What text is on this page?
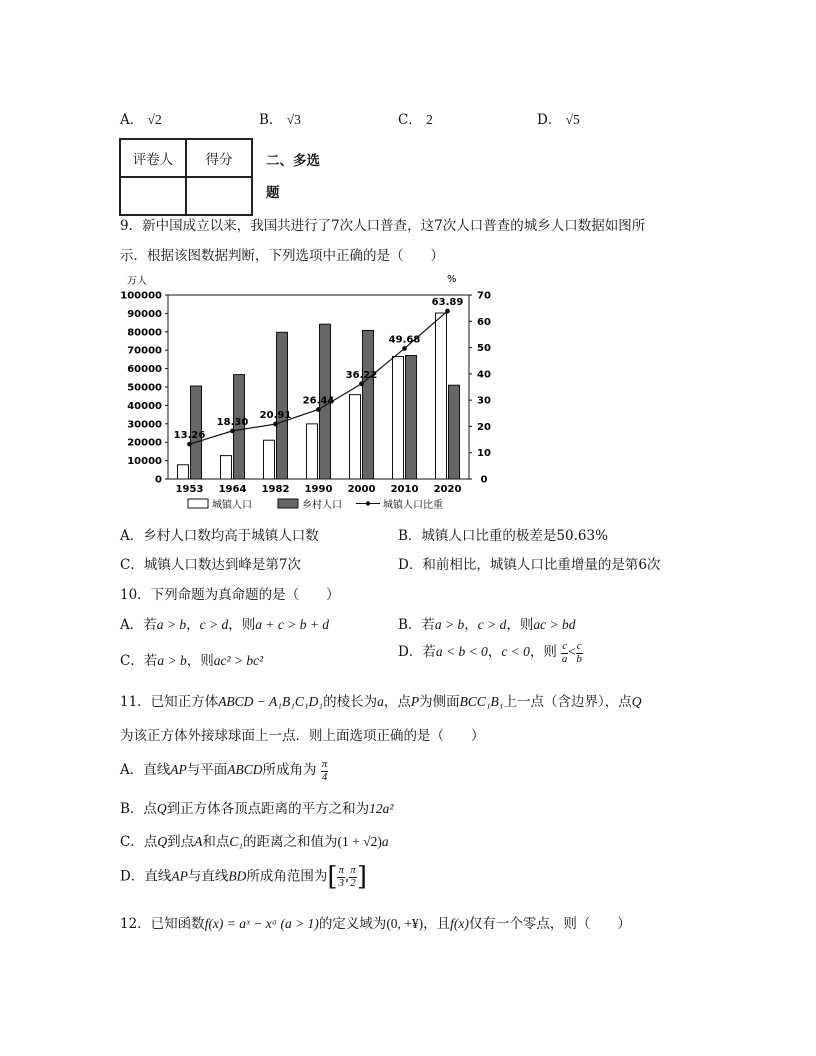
A． √2	B． √3	C． 2	D． √5
评卷人	得分
	二、多选
题
9．新中国成立以来，我国共进行了7次人口普查，这7次人口普查的城乡人口数据如图所
示．根据该图数据判断，下列选项中正确的是（　　）
万人	%
0
10000
20000
30000
40000
50000
60000
70000
80000
90000
100000
0
10
20
30
40
50
60
70
1953 1964 1982 1990 2000 2010 2020
13.26
18.30
20.91
26.44
36.22
49.68
63.89
城镇人口	乡村人口	城镇人口比重
A．乡村人口数均高于城镇人口数	B．城镇人口比重的极差是50.63%
C．城镇人口数达到峰是第7次	D．和前相比，城镇人口比重增量的是第6次
10．下列命题为真命题的是（　　）
A．若a > b，c > d，则a + c > b + d	B．若a > b，c > d，则ac > bd
C．若a > b，则ac² > bc²
D．若a < b < 0，c < 0，则 $\frac{c}{a} < \frac{c}{b}$
11．已知正方体ABCD − A₁B₁C₁D₁的棱长为a，点P为侧面BCC₁B₁上一点（含边界），点Q
为该正方体外接球球面上一点．则上面选项正确的是（　　）
A．直线AP与平面ABCD所成角为 $\frac{\pi}{4}$
B．点Q到正方体各顶点距离的平方之和为12a²
C．点Q到点A和点C₁的距离之和值为(1 + √2)a
D．直线AP与直线BD所成角范围为[ $\frac{\pi}{3}$ , $\frac{\pi}{2}$ ]
12．已知函数f(x) = aˣ − xᵃ (a > 1)的定义域为(0, +¥)，且f(x)仅有一个零点，则（　　）
